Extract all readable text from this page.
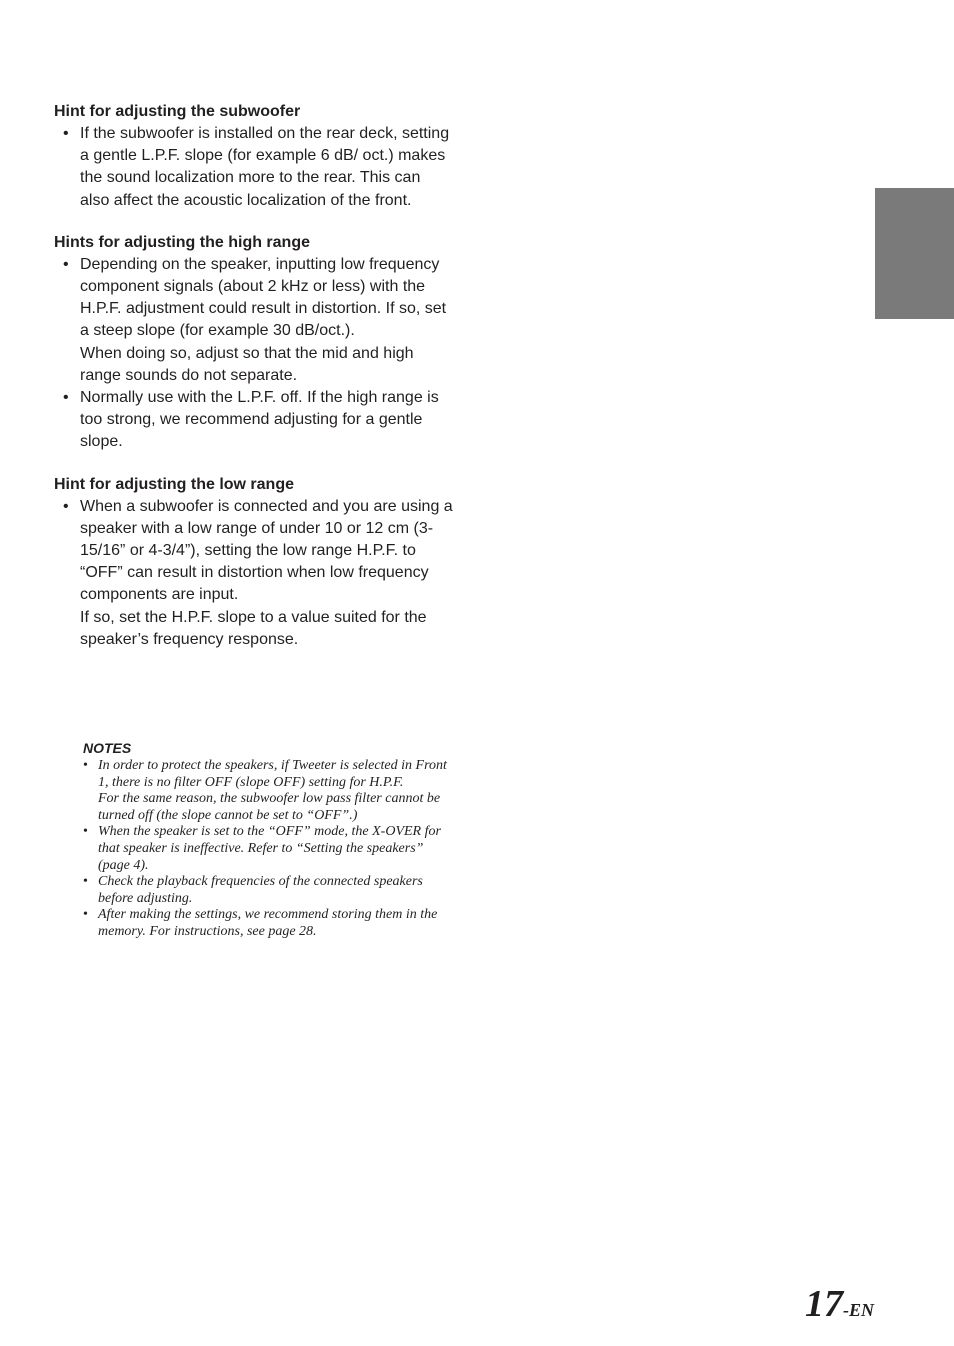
Hint for adjusting the subwoofer

• If the subwoofer is installed on the rear deck, setting a gentle L.P.F. slope (for example 6 dB/ oct.) makes the sound localization more to the rear. This can also affect the acoustic localization of the front.

Hints for adjusting the high range

• Depending on the speaker, inputting low frequency component signals (about 2 kHz or less) with the H.P.F. adjustment could result in distortion. If so, set a steep slope (for example 30 dB/oct.).
When doing so, adjust so that the mid and high range sounds do not separate.
• Normally use with the L.P.F. off. If the high range is too strong, we recommend adjusting for a gentle slope.

Hint for adjusting the low range

• When a subwoofer is connected and you are using a speaker with a low range of under 10 or 12 cm (3-15/16” or 4-3/4”), setting the low range H.P.F. to “OFF” can result in distortion when low frequency components are input.
If so, set the H.P.F. slope to a value suited for the speaker’s frequency response.

NOTES

• In order to protect the speakers, if Tweeter is selected in Front 1, there is no filter OFF (slope OFF) setting for H.P.F.
For the same reason, the subwoofer low pass filter cannot be turned off (the slope cannot be set to “OFF”.)
• When the speaker is set to the “OFF” mode, the X-OVER for that speaker is ineffective. Refer to “Setting the speakers” (page 4).
• Check the playback frequencies of the connected speakers before adjusting.
• After making the settings, we recommend storing them in the memory. For instructions, see page 28.
17-EN
